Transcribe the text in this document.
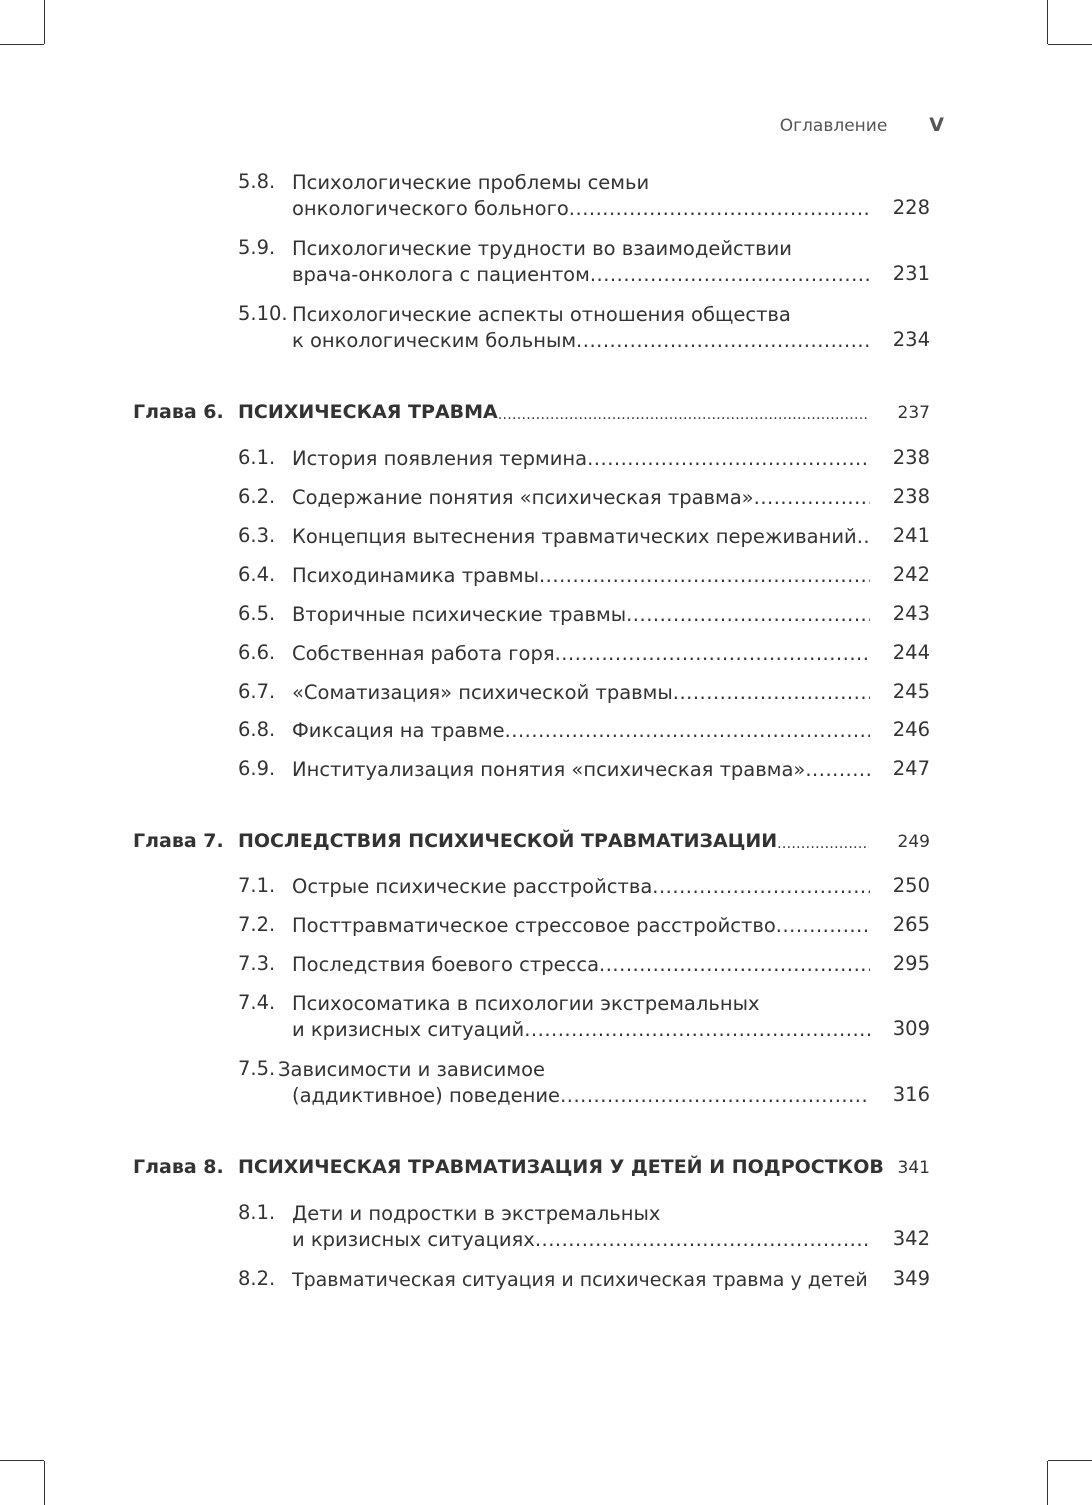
Оглавление V
5.8. Психологические проблемы семьи
онкологического больного .....	228
5.9. Психологические трудности во взаимодействии
врача-онколога с пациентом .....	231
5.10. Психологические аспекты отношения общества
к онкологическим больным .....	234
Глава 6. ПСИХИЧЕСКАЯ ТРАВМА .....	237
6.1. История появления термина .....	238
6.2. Содержание понятия «психическая травма» .....	238
6.3. Концепция вытеснения травматических переживаний .....	241
6.4. Психодинамика травмы .....	242
6.5. Вторичные психические травмы .....	243
6.6. Собственная работа горя .....	244
6.7. «Соматизация» психической травмы .....	245
6.8. Фиксация на травме .....	246
6.9. Институализация понятия «психическая травма» .....	247
Глава 7. ПОСЛЕДСТВИЯ ПСИХИЧЕСКОЙ ТРАВМАТИЗАЦИИ .....	249
7.1. Острые психические расстройства .....	250
7.2. Посттравматическое стрессовое расстройство .....	265
7.3. Последствия боевого стресса .....	295
7.4. Психосоматика в психологии экстремальных
и кризисных ситуаций .....	309
7.5. Зависимости и зависимое
(аддиктивное) поведение .....	316
Глава 8. ПСИХИЧЕСКАЯ ТРАВМАТИЗАЦИЯ У ДЕТЕЙ И ПОДРОСТКОВ 341
8.1. Дети и подростки в экстремальных
и кризисных ситуациях .....	342
8.2. Травматическая ситуация и психическая травма у детей	349
